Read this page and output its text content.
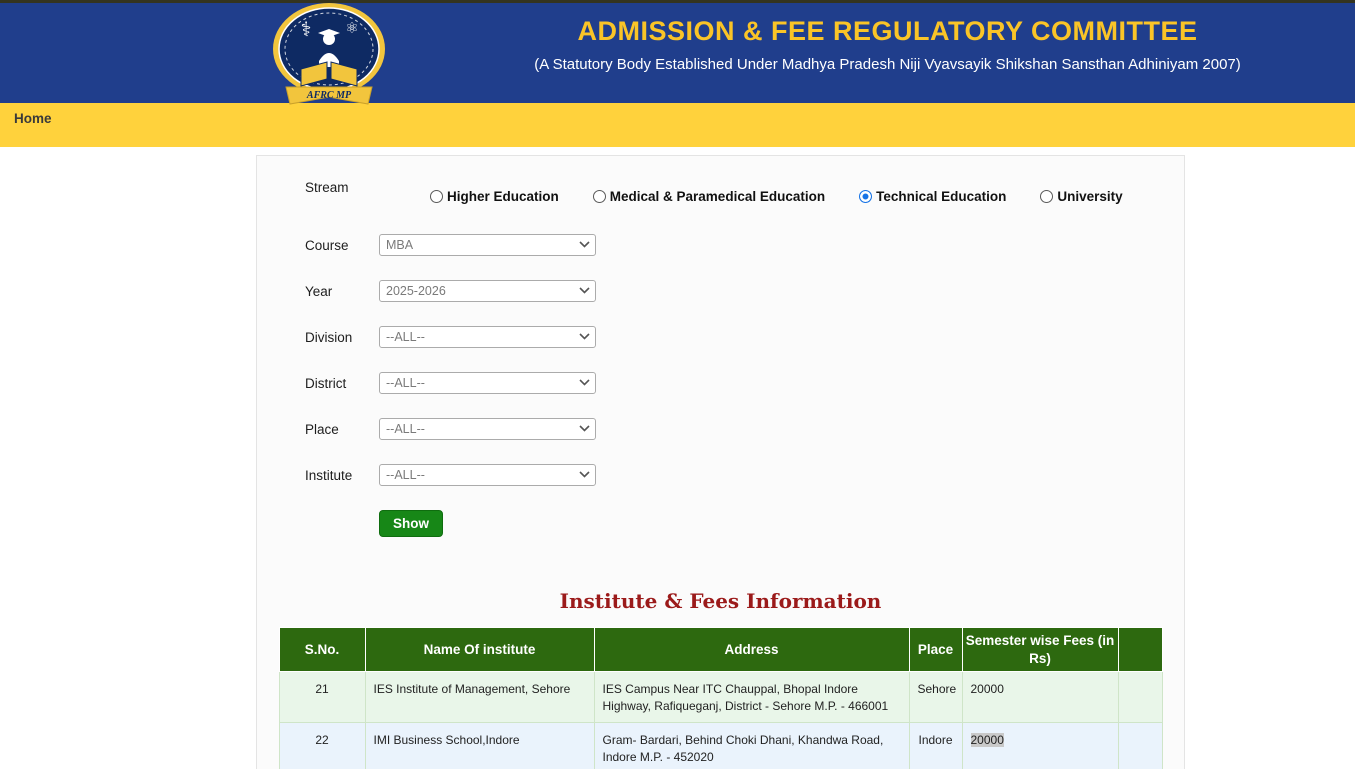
⚕ ⚛
AFRC MP
ADMISSION & FEE REGULATORY COMMITTEE
(A Statutory Body Established Under Madhya Pradesh Niji Vyavsayik Shikshan Sansthan Adhiniyam 2007)
Home
Stream
Higher Education	Medical & Paramedical Education	Technical Education	University
Course
MBA
Year
2025-2026
Division
--ALL--
District
--ALL--
Place
--ALL--
Institute
--ALL--
Show
Institute & Fees Information
S.No.	Name Of institute	Address	Place	Semester wise Fees (in Rs)	
21	IES Institute of Management, Sehore	IES Campus Near ITC Chauppal, Bhopal Indore Highway, Rafiqueganj, District - Sehore M.P. - 466001	Sehore	20000	
22	IMI Business School,Indore	Gram- Bardari, Behind Choki Dhani, Khandwa Road, Indore M.P. - 452020	Indore	20000	
